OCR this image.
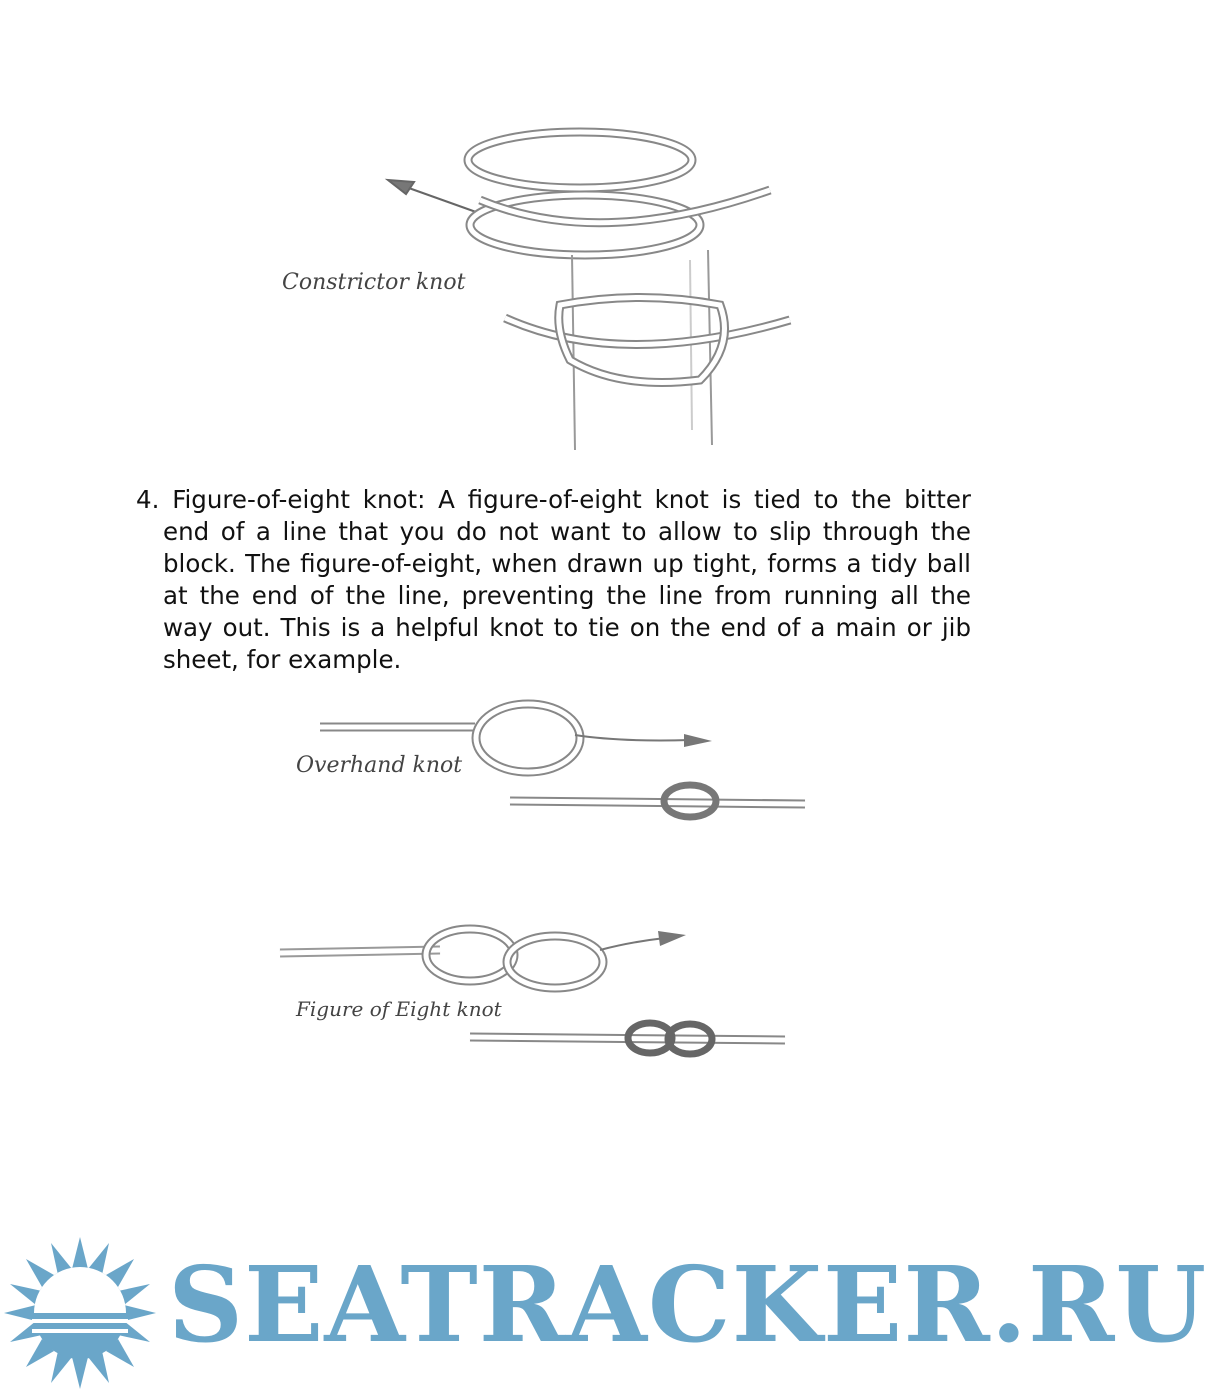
Constrictor knot

4. Figure-of-eight knot: A figure-of-eight knot is tied to the bitter end of a line that you do not want to allow to slip through the block. The figure-of-eight, when drawn up tight, forms a tidy ball at the end of the line, preventing the line from running all the way out. This is a helpful knot to tie on the end of a main or jib sheet, for example.

Overhand knot
Figure of Eight knot
SEATRACKER.RU
